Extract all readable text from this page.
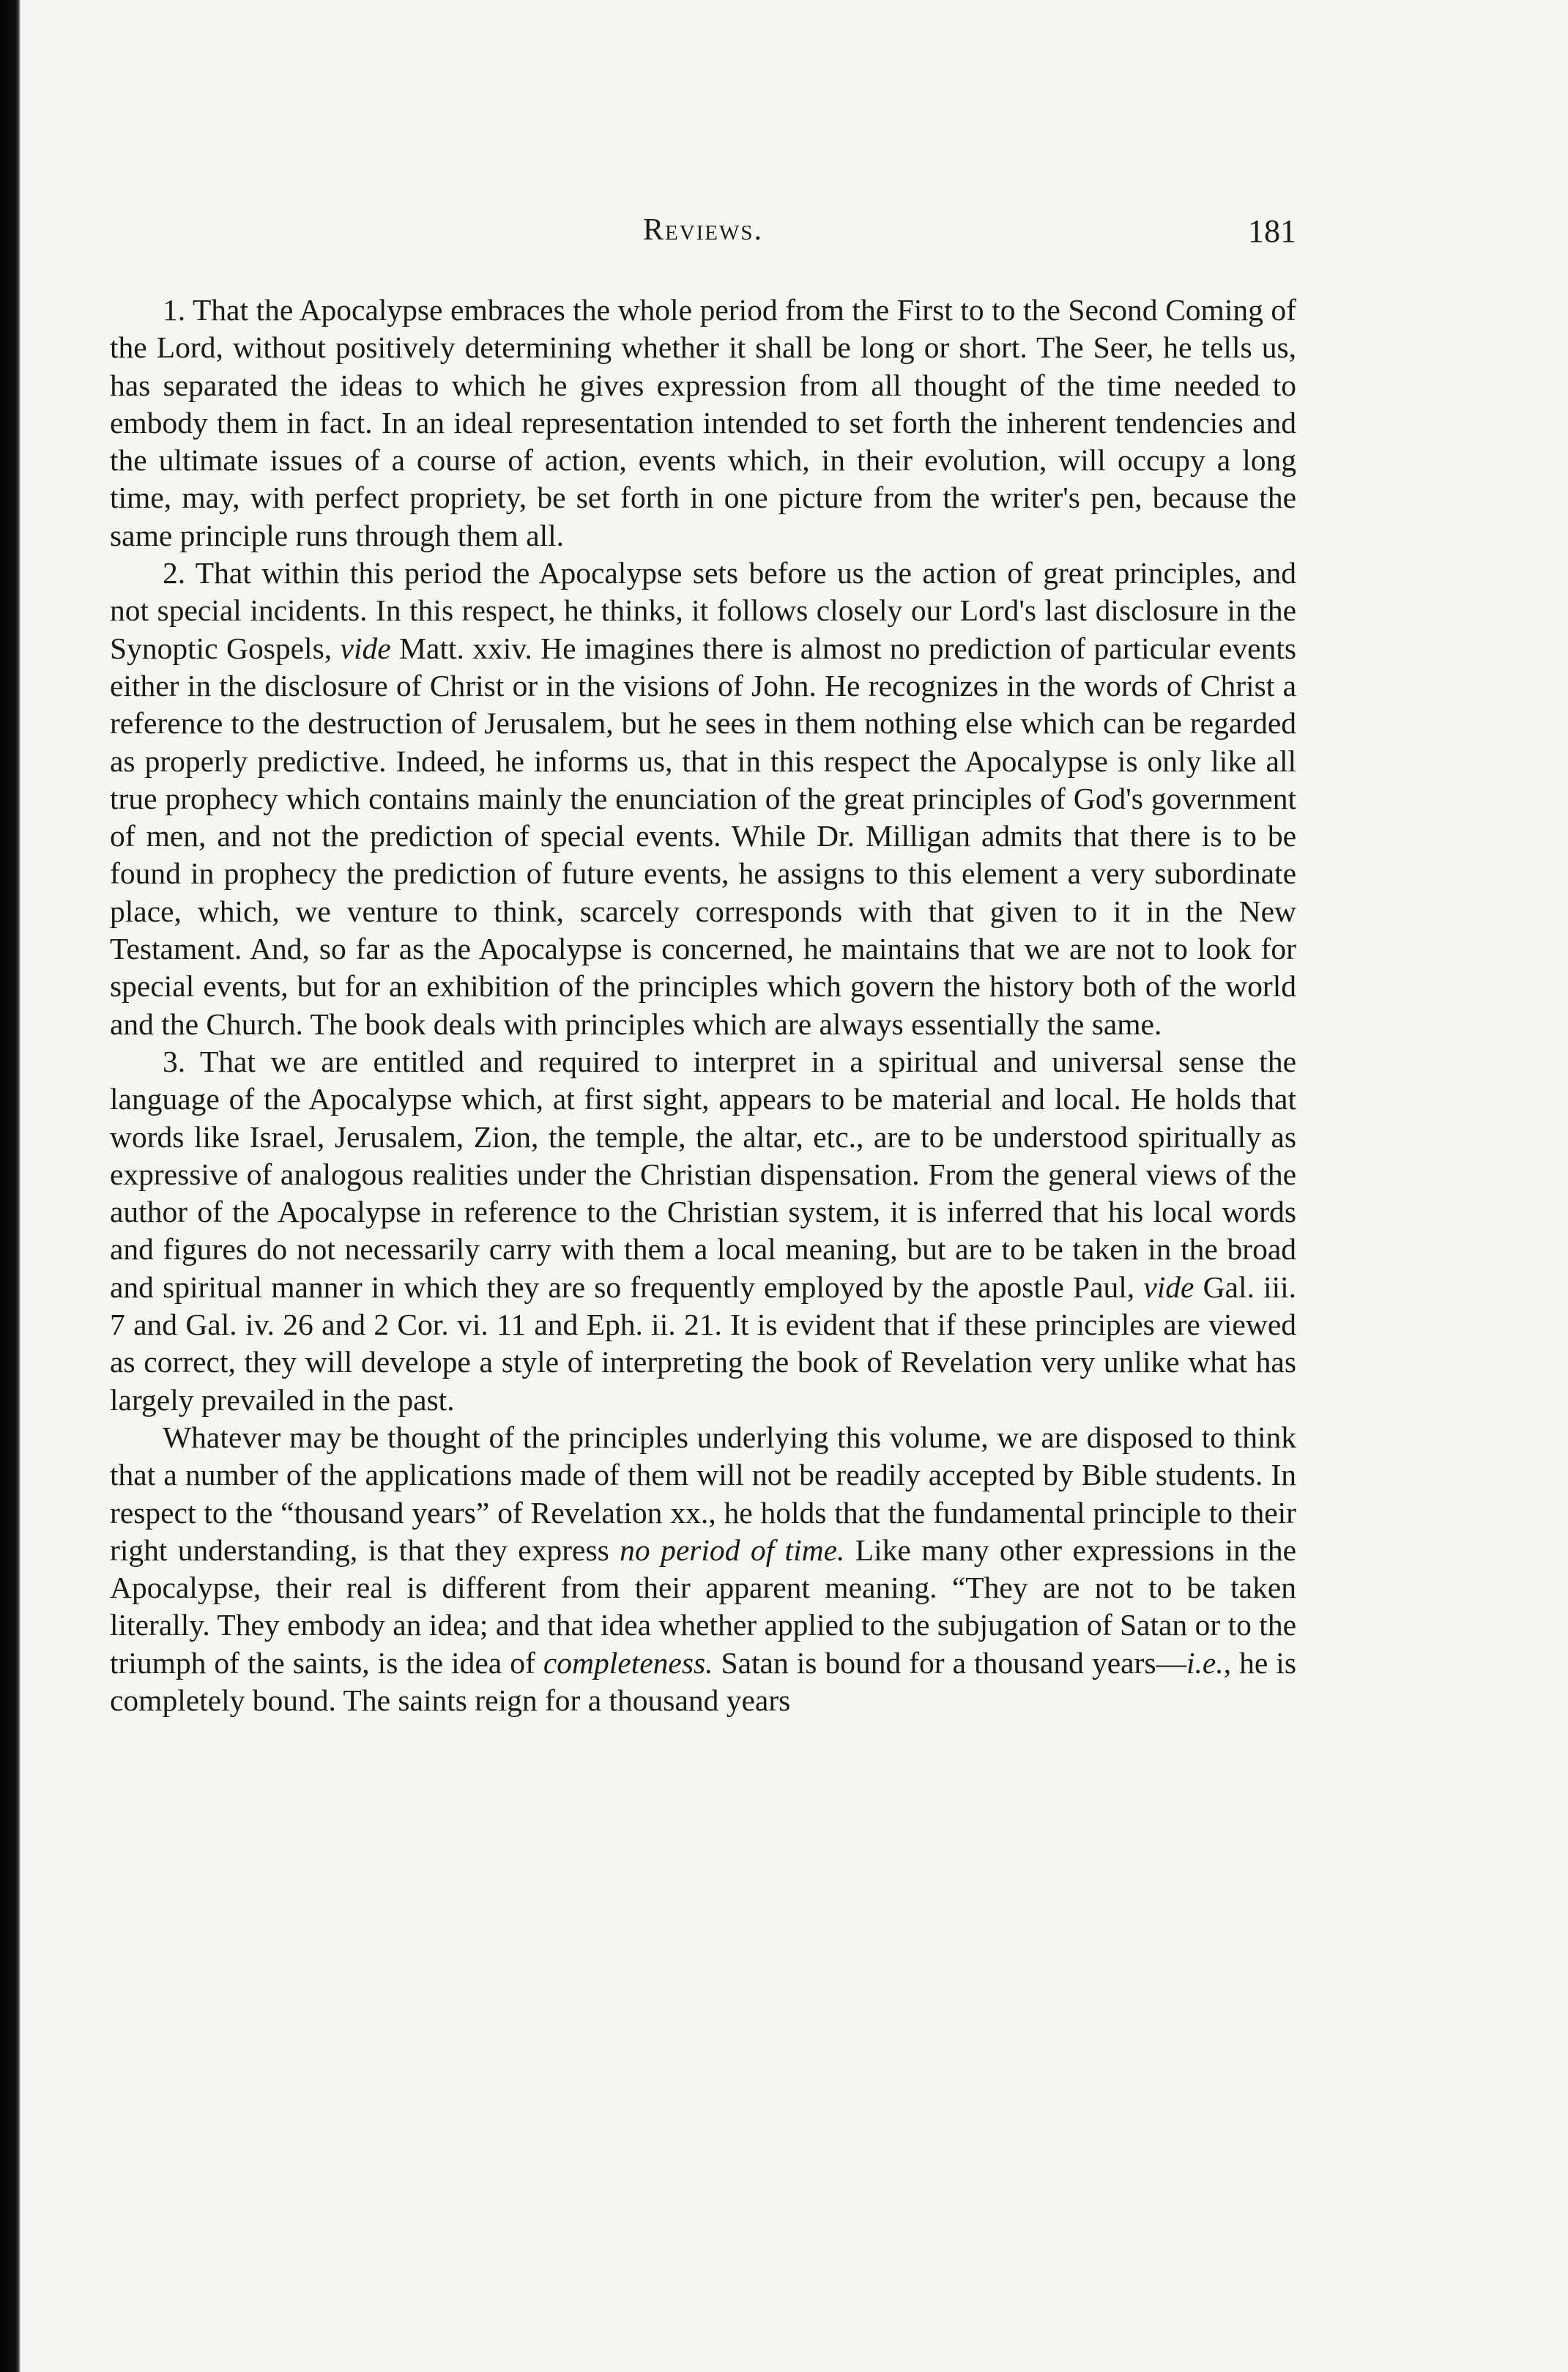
Reviews.	181

1. That the Apocalypse embraces the whole period from the First to to the Second Coming of the Lord, without positively determining whether it shall be long or short. The Seer, he tells us, has separated the ideas to which he gives expression from all thought of the time needed to embody them in fact. In an ideal representation intended to set forth the inherent tendencies and the ultimate issues of a course of action, events which, in their evolution, will occupy a long time, may, with perfect propriety, be set forth in one picture from the writer's pen, because the same principle runs through them all.

2. That within this period the Apocalypse sets before us the action of great principles, and not special incidents. In this respect, he thinks, it follows closely our Lord's last disclosure in the Synoptic Gospels, vide Matt. xxiv. He imagines there is almost no prediction of particular events either in the disclosure of Christ or in the visions of John. He recognizes in the words of Christ a reference to the destruction of Jerusalem, but he sees in them nothing else which can be regarded as properly predictive. Indeed, he informs us, that in this respect the Apocalypse is only like all true prophecy which contains mainly the enunciation of the great principles of God's government of men, and not the prediction of special events. While Dr. Milligan admits that there is to be found in prophecy the prediction of future events, he assigns to this element a very subordinate place, which, we venture to think, scarcely corresponds with that given to it in the New Testament. And, so far as the Apocalypse is concerned, he maintains that we are not to look for special events, but for an exhibition of the principles which govern the history both of the world and the Church. The book deals with principles which are always essentially the same.

3. That we are entitled and required to interpret in a spiritual and universal sense the language of the Apocalypse which, at first sight, appears to be material and local. He holds that words like Israel, Jerusalem, Zion, the temple, the altar, etc., are to be understood spiritually as expressive of analogous realities under the Christian dispensation. From the general views of the author of the Apocalypse in reference to the Christian system, it is inferred that his local words and figures do not necessarily carry with them a local meaning, but are to be taken in the broad and spiritual manner in which they are so frequently employed by the apostle Paul, vide Gal. iii. 7 and Gal. iv. 26 and 2 Cor. vi. 11 and Eph. ii. 21. It is evident that if these principles are viewed as correct, they will develope a style of interpreting the book of Revelation very unlike what has largely prevailed in the past.

Whatever may be thought of the principles underlying this volume, we are disposed to think that a number of the applications made of them will not be readily accepted by Bible students. In respect to the “thousand years” of Revelation xx., he holds that the fundamental principle to their right understanding, is that they express no period of time. Like many other expressions in the Apocalypse, their real is different from their apparent meaning. “They are not to be taken literally. They embody an idea; and that idea whether applied to the subjugation of Satan or to the triumph of the saints, is the idea of completeness. Satan is bound for a thousand years—i.e., he is completely bound. The saints reign for a thousand years
